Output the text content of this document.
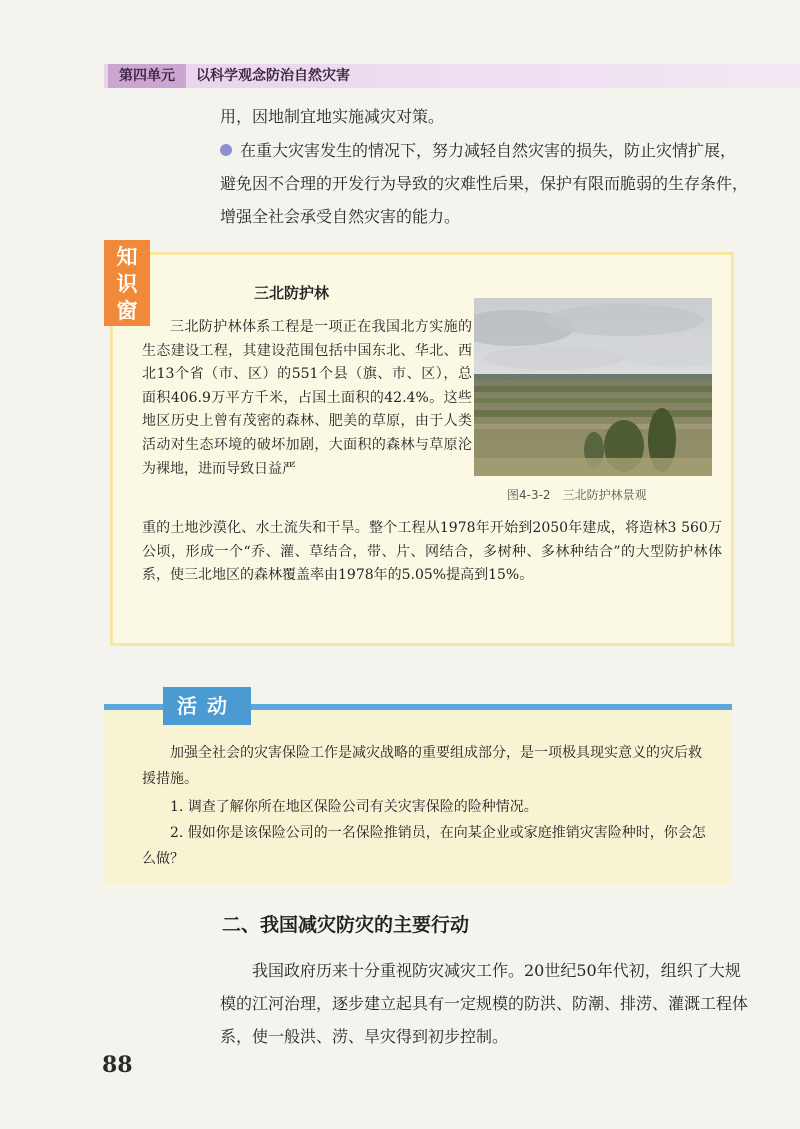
第四单元	以科学观念防治自然灾害
用，因地制宜地实施减灾对策。
在重大灾害发生的情况下，努力减轻自然灾害的损失，防止灾情扩展，避免因不合理的开发行为导致的灾难性后果，保护有限而脆弱的生存条件，增强全社会承受自然灾害的能力。
知识窗
三北防护林
三北防护林体系工程是一项正在我国北方实施的生态建设工程，其建设范围包括中国东北、华北、西北13个省（市、区）的551个县（旗、市、区），总面积406.9万平方千米，占国土面积的42.4%。这些地区历史上曾有茂密的森林、肥美的草原，由于人类活动对生态环境的破坏加剧，大面积的森林与草原沦为裸地，进而导致日益严
重的土地沙漠化、水土流失和干旱。整个工程从1978年开始到2050年建成，将造林3 560万公顷，形成一个“乔、灌、草结合，带、片、网结合，多树种、多林种结合”的大型防护林体系，使三北地区的森林覆盖率由1978年的5.05%提高到15%。
图4-3-2　三北防护林景观
活动
加强全社会的灾害保险工作是减灾战略的重要组成部分，是一项极具现实意义的灾后救援措施。
1. 调查了解你所在地区保险公司有关灾害保险的险种情况。
2. 假如你是该保险公司的一名保险推销员，在向某企业或家庭推销灾害险种时，你会怎么做？
二、我国减灾防灾的主要行动
我国政府历来十分重视防灾减灾工作。20世纪50年代初，组织了大规模的江河治理，逐步建立起具有一定规模的防洪、防潮、排涝、灌溉工程体系，使一般洪、涝、旱灾得到初步控制。
88
